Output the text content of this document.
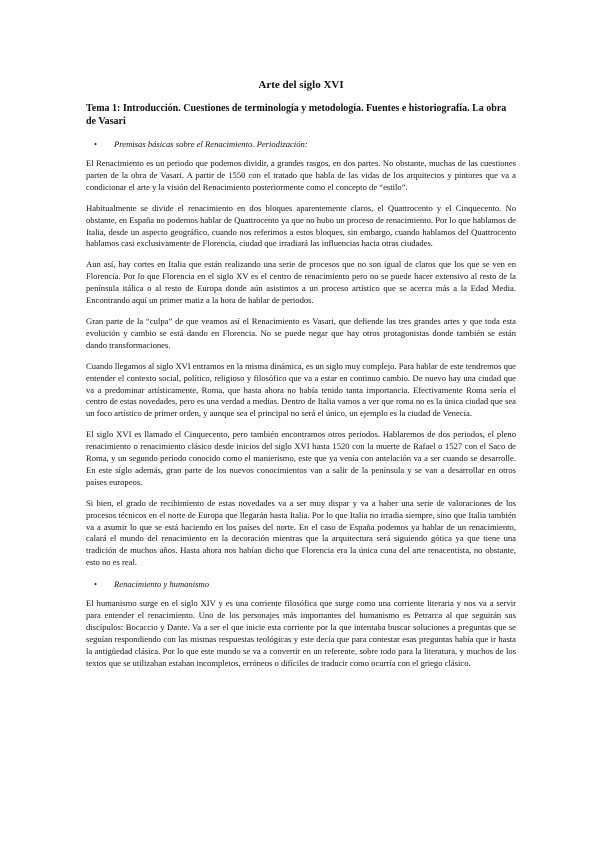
Arte del siglo XVI
Tema 1: Introducción. Cuestiones de terminología y metodología. Fuentes e historiografía. La obra de Vasari
• Premisas básicas sobre el Renacimiento. Periodización:

El Renacimiento es un periodo que podemos dividir, a grandes rasgos, en dos partes. No obstante, muchas de las cuestiones parten de la obra de Vasari. A partir de 1550 con el tratado que habla de las vidas de los arquitectos y pintores que va a condicionar el arte y la visión del Renacimiento posteriormente como el concepto de “estilo”.

Habitualmente se divide el renacimiento en dos bloques aparentemente claros, el Quattrocento y el Cinquecento. No obstante, en España no podemos hablar de Quattrocento ya que no hubo un proceso de renacimiento. Por lo que hablamos de Italia, desde un aspecto geográfico, cuando nos referimos a estos bloques, sin embargo, cuando hablamos del Quattrocento hablamos casi exclusivamente de Florencia, ciudad que irradiará las influencias hacia otras ciudades.

Aun así, hay cortes en Italia que están realizando una serie de procesos que no son igual de claros que los que se ven en Florencia. Por lo que Florencia en el siglo XV es el centro de renacimiento pero no se puede hacer extensivo al resto de la península itálica o al resto de Europa donde aún asistimos a un proceso artístico que se acerca más a la Edad Media. Encontrando aquí un primer matiz a la hora de hablar de periodos.

Gran parte de la “culpa” de que veamos así el Renacimiento es Vasari, que defiende las tres grandes artes y que toda esta evolución y cambio se está dando en Florencia. No se puede negar que hay otros protagonistas donde también se están dando transformaciones.

Cuando llegamos al siglo XVI entramos en la misma dinámica, es un siglo muy complejo. Para hablar de este tendremos que entender el contexto social, político, religioso y filosófico que va a estar en continuo cambio. De nuevo hay una ciudad que va a predominar artísticamente, Roma, que hasta ahora no había tenido tanta importancia. Efectivamente Roma sería el centro de estas novedades, pero es una verdad a medias. Dentro de Italia vamos a ver que roma no es la única ciudad que sea un foco artístico de primer orden, y aunque sea el principal no será el único, un ejemplo es la ciudad de Venecia.

El siglo XVI es llamado el Cinquecento, pero también encontramos otros periodos. Hablaremos de dos periodos, el pleno renacimiento o renacimiento clásico desde inicios del siglo XVI hasta 1520 con la muerte de Rafael o 1527 con el Saco de Roma, y un segundo periodo conocido como el manierismo, este que ya venía con antelación va a ser cuando se desarrolle. En este siglo además, gran parte de los nuevos conocimientos van a salir de la península y se van a desarrollar en otros países europeos.

Si bien, el grado de recibimiento de estas novedades va a ser muy dispar y va a haber una serie de valoraciones de los procesos técnicos en el norte de Europa que llegarán hasta Italia. Por lo que Italia no irradia siempre, sino que Italia también va a asumir lo que se está haciendo en los países del norte. En el caso de España podemos ya hablar de un renacimiento, calará el mundo del renacimiento en la decoración mientras que la arquitectura será siguiendo gótica ya que tiene una tradición de muchos años. Hasta ahora nos habían dicho que Florencia era la única cuna del arte renacentista, no obstante, esto no es real.

• Renacimiento y humanismo

El humanismo surge en el siglo XIV y es una corriente filosófica que surge como una corriente literaria y nos va a servir para entender el renacimiento. Uno de los personajes más importantes del humanismo es Petrarca al que seguirán sus discípulos: Bocaccio y Dante. Va a ser el que inicie esta corriente por la que intentaba buscar soluciones a preguntas que se seguían respondiendo con las mismas respuestas teológicas y este decía que para contestar esas preguntas había que ir hasta la antigüedad clásica. Por lo que este mundo se va a convertir en un referente, sobre todo para la literatura, y muchos de los textos que se utilizaban estaban incompletos, erróneos o difíciles de traducir como ocurría con el griego clásico.
